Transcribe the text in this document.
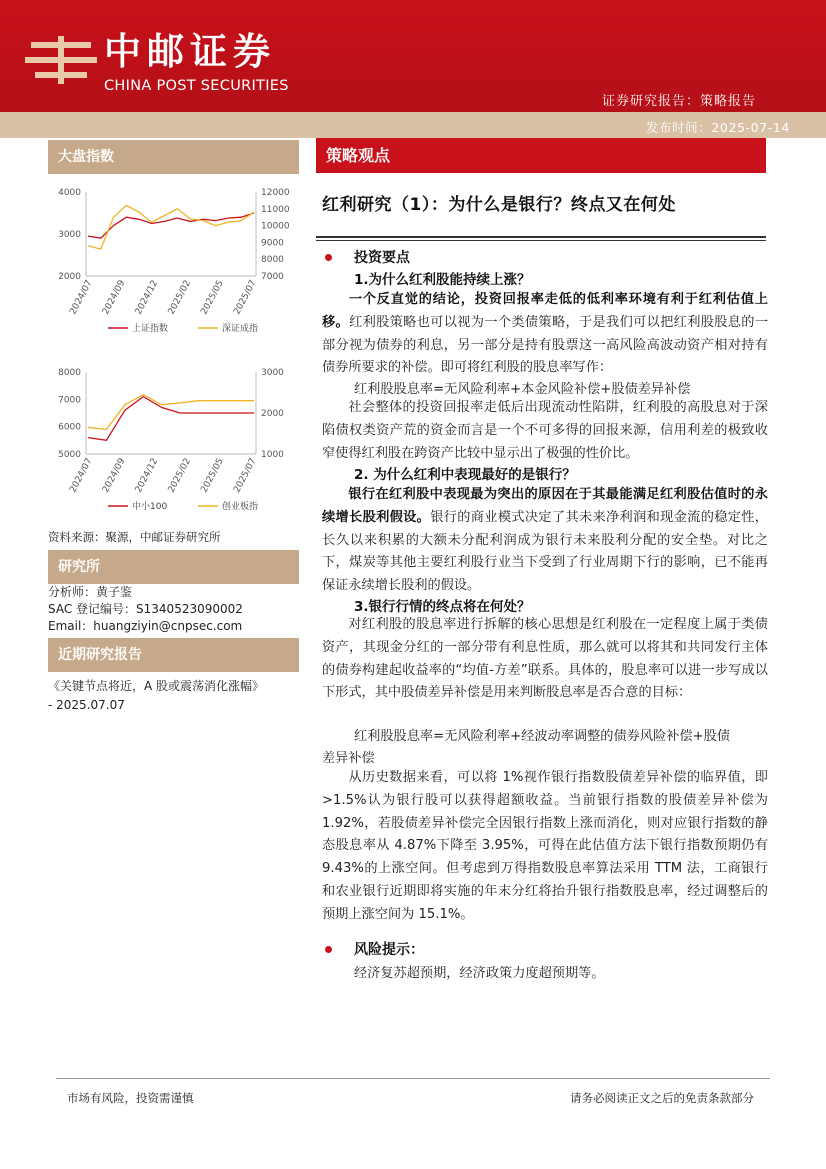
中邮证券
CHINA POST SECURITIES
证券研究报告：策略报告
发布时间：2025-07-14
大盘指数
2000
3000
4000
7000
8000
9000
10000
11000
12000
2024/07 2024/09 2024/12 2025/02 2025/05 2025/07
上证指数	深证成指
5000
6000
7000
8000
1000
2000
3000
2024/07 2024/09 2024/12 2025/02 2025/05 2025/07
中小100	创业板指
资料来源：聚源，中邮证券研究所
研究所
分析师：黄子鉴
SAC 登记编号：S1340523090002
Email：huangziyin@cnpsec.com
近期研究报告
《关键节点将近，A 股或震荡消化涨幅》
- 2025.07.07
策略观点
红利研究（1）：为什么是银行？终点又在何处
投资要点
1.为什么红利股能持续上涨？
一个反直觉的结论，投资回报率走低的低利率环境有利于红利估值上移。红利股策略也可以视为一个类债策略，于是我们可以把红利股股息的一部分视为债券的利息，另一部分是持有股票这一高风险高波动资产相对持有债券所要求的补偿。即可将红利股的股息率写作：
红利股股息率=无风险利率+本金风险补偿+股债差异补偿
社会整体的投资回报率走低后出现流动性陷阱，红利股的高股息对于深陷债权类资产荒的资金而言是一个不可多得的回报来源，信用利差的极致收窄使得红利股在跨资产比较中显示出了极强的性价比。
2. 为什么红利中表现最好的是银行？
银行在红利股中表现最为突出的原因在于其最能满足红利股估值时的永续增长股利假设。银行的商业模式决定了其未来净利润和现金流的稳定性，长久以来积累的大额未分配利润成为银行未来股利分配的安全垫。对比之下，煤炭等其他主要红利股行业当下受到了行业周期下行的影响，已不能再保证永续增长股利的假设。
3.银行行情的终点将在何处？
对红利股的股息率进行拆解的核心思想是红利股在一定程度上属于类债资产，其现金分红的一部分带有利息性质，那么就可以将其和共同发行主体的债券构建起收益率的“均值-方差”联系。具体的，股息率可以进一步写成以下形式，其中股债差异补偿是用来判断股息率是否合意的目标：
红利股股息率=无风险利率+经波动率调整的债券风险补偿+股债
差异补偿
从历史数据来看，可以将 1%视作银行指数股债差异补偿的临界值，即>1.5%认为银行股可以获得超额收益。当前银行指数的股债差异补偿为 1.92%，若股债差异补偿完全因银行指数上涨而消化，则对应银行指数的静态股息率从 4.87%下降至 3.95%，可得在此估值方法下银行指数预期仍有 9.43%的上涨空间。但考虑到万得指数股息率算法采用 TTM 法，工商银行和农业银行近期即将实施的年末分红将抬升银行指数股息率，经过调整后的预期上涨空间为 15.1%。
风险提示：
经济复苏超预期，经济政策力度超预期等。
市场有风险，投资需谨慎	请务必阅读正文之后的免责条款部分
